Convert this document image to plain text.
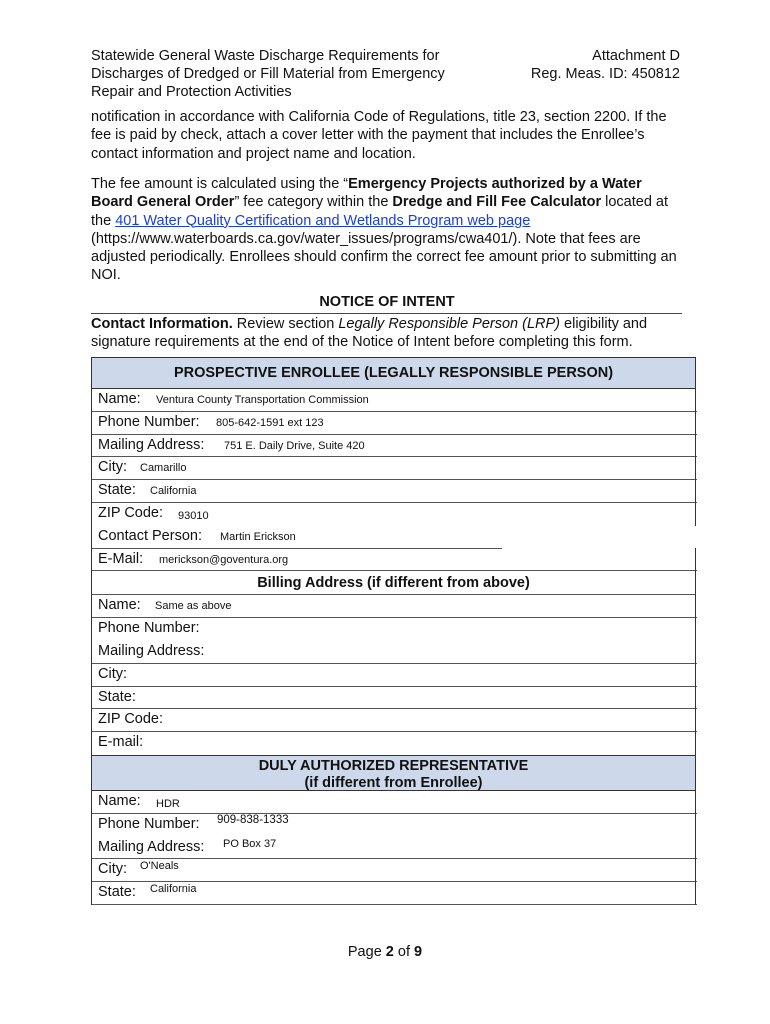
Statewide General Waste Discharge Requirements for
Discharges of Dredged or Fill Material from Emergency
Repair and Protection Activities
Attachment D
Reg. Meas. ID: 450812
notification in accordance with California Code of Regulations, title 23, section 2200. If the fee is paid by check, attach a cover letter with the payment that includes the Enrollee’s contact information and project name and location.
The fee amount is calculated using the “Emergency Projects authorized by a Water Board General Order” fee category within the Dredge and Fill Fee Calculator located at the 401 Water Quality Certification and Wetlands Program web page (https://www.waterboards.ca.gov/water_issues/programs/cwa401/). Note that fees are adjusted periodically. Enrollees should confirm the correct fee amount prior to submitting an NOI.
NOTICE OF INTENT
Contact Information. Review section Legally Responsible Person (LRP) eligibility and signature requirements at the end of the Notice of Intent before completing this form.
PROSPECTIVE ENROLLEE (LEGALLY RESPONSIBLE PERSON)
Name: Ventura County Transportation Commission
Phone Number: 805-642-1591 ext 123
Mailing Address: 751 E. Daily Drive, Suite 420
City: Camarillo
State: California
ZIP Code: 93010
Contact Person: Martin Erickson
E-Mail: merickson@goventura.org
Billing Address (if different from above)
Name: Same as above
Phone Number:
Mailing Address:
City:
State:
ZIP Code:
E-mail:
DULY AUTHORIZED REPRESENTATIVE
(if different from Enrollee)
Name: HDR
Phone Number: 909-838-1333
Mailing Address: PO Box 37
City: O'Neals
State: California
Page 2 of 9
